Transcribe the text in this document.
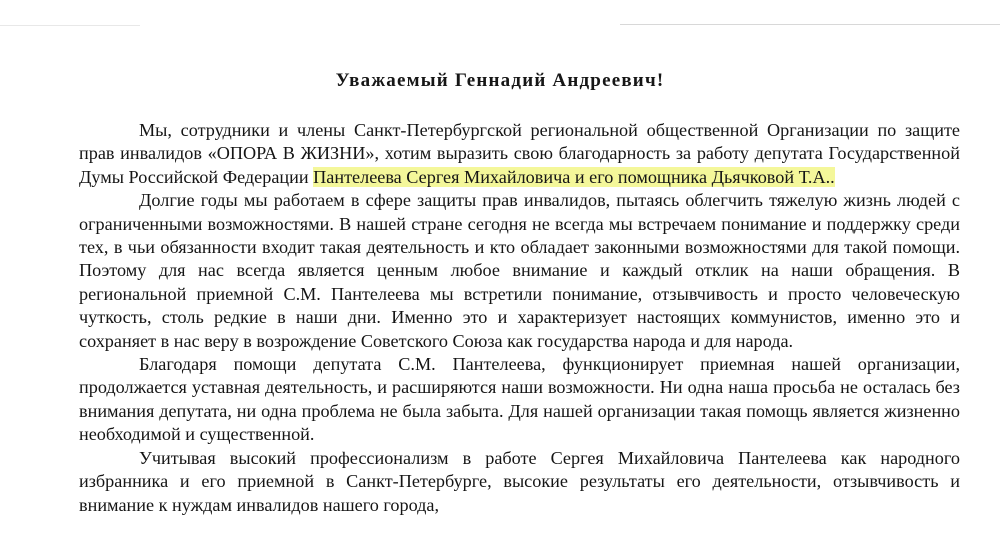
Уважаемый Геннадий Андреевич!

Мы, сотрудники и члены Санкт-Петербургской региональной общественной Организации по защите прав инвалидов «ОПОРА В ЖИЗНИ», хотим выразить свою благодарность за работу депутата Государственной Думы Российской Федерации Пантелеева Сергея Михайловича и его помощника Дьячковой Т.А..

Долгие годы мы работаем в сфере защиты прав инвалидов, пытаясь облегчить тяжелую жизнь людей с ограниченными возможностями. В нашей стране сегодня не всегда мы встречаем понимание и поддержку среди тех, в чьи обязанности входит такая деятельность и кто обладает законными возможностями для такой помощи. Поэтому для нас всегда является ценным любое внимание и каждый отклик на наши обращения. В региональной приемной С.М. Пантелеева мы встретили понимание, отзывчивость и просто человеческую чуткость, столь редкие в наши дни. Именно это и характеризует настоящих коммунистов, именно это и сохраняет в нас веру в возрождение Советского Союза как государства народа и для народа.

Благодаря помощи депутата С.М. Пантелеева, функционирует приемная нашей организации, продолжается уставная деятельность, и расширяются наши возможности. Ни одна наша просьба не осталась без внимания депутата, ни одна проблема не была забыта. Для нашей организации такая помощь является жизненно необходимой и существенной.

Учитывая высокий профессионализм в работе Сергея Михайловича Пантелеева как народного избранника и его приемной в Санкт-Петербурге, высокие результаты его деятельности, отзывчивость и внимание к нуждам инвалидов нашего города,
